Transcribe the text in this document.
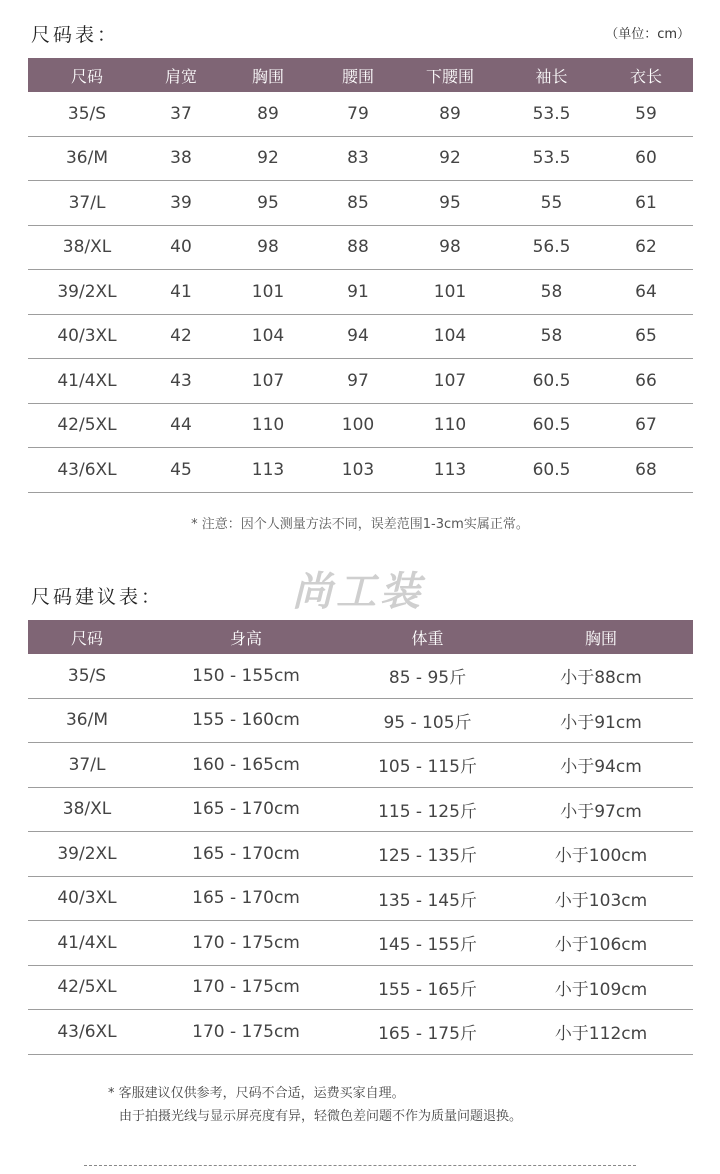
尺码表：	（单位：cm）
尺码	肩宽	胸围	腰围	下腰围	袖长	衣长
35/S	37	89	79	89	53.5	59
36/M	38	92	83	92	53.5	60
37/L	39	95	85	95	55	61
38/XL	40	98	88	98	56.5	62
39/2XL	41	101	91	101	58	64
40/3XL	42	104	94	104	58	65
41/4XL	43	107	97	107	60.5	66
42/5XL	44	110	100	110	60.5	67
43/6XL	45	113	103	113	60.5	68
* 注意：因个人测量方法不同，误差范围1-3cm实属正常。
尺码建议表：	尚工装
尺码	身高	体重	胸围
35/S	150 - 155cm	85 - 95斤	小于88cm
36/M	155 - 160cm	95 - 105斤	小于91cm
37/L	160 - 165cm	105 - 115斤	小于94cm
38/XL	165 - 170cm	115 - 125斤	小于97cm
39/2XL	165 - 170cm	125 - 135斤	小于100cm
40/3XL	165 - 170cm	135 - 145斤	小于103cm
41/4XL	170 - 175cm	145 - 155斤	小于106cm
42/5XL	170 - 175cm	155 - 165斤	小于109cm
43/6XL	170 - 175cm	165 - 175斤	小于112cm
* 客服建议仅供参考，尺码不合适，运费买家自理。
由于拍摄光线与显示屏亮度有异，轻微色差问题不作为质量问题退换。
